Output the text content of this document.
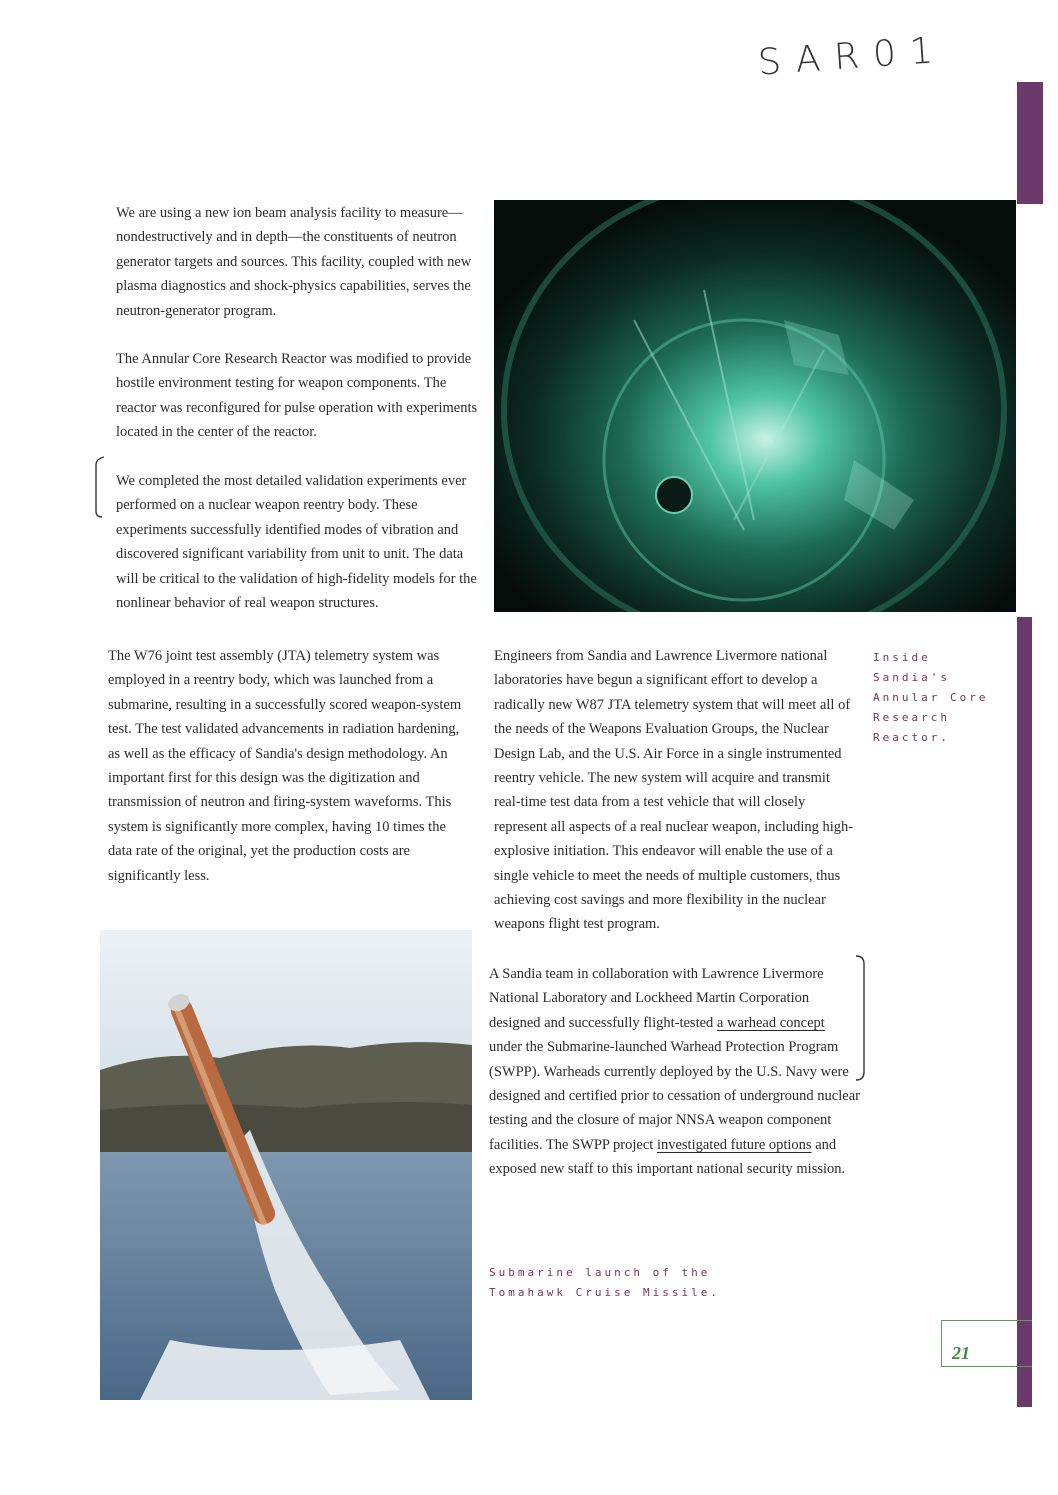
SAR01

We are using a new ion beam analysis facility to measure—nondestructively and in depth—the constituents of neutron generator targets and sources. This facility, coupled with new plasma diagnostics and shock-physics capabilities, serves the neutron-generator program.

The Annular Core Research Reactor was modified to provide hostile environment testing for weapon components. The reactor was reconfigured for pulse operation with experiments located in the center of the reactor.

We completed the most detailed validation experiments ever performed on a nuclear weapon reentry body. These experiments successfully identified modes of vibration and discovered significant variability from unit to unit. The data will be critical to the validation of high-fidelity models for the nonlinear behavior of real weapon structures.

The W76 joint test assembly (JTA) telemetry system was employed in a reentry body, which was launched from a submarine, resulting in a successfully scored weapon-system test. The test validated advancements in radiation hardening, as well as the efficacy of Sandia's design methodology. An important first for this design was the digitization and transmission of neutron and firing-system waveforms. This system is significantly more complex, having 10 times the data rate of the original, yet the production costs are significantly less.

Inside Sandia's Annular Core Research Reactor.

Engineers from Sandia and Lawrence Livermore national laboratories have begun a significant effort to develop a radically new W87 JTA telemetry system that will meet all of the needs of the Weapons Evaluation Groups, the Nuclear Design Lab, and the U.S. Air Force in a single instrumented reentry vehicle. The new system will acquire and transmit real-time test data from a test vehicle that will closely represent all aspects of a real nuclear weapon, including high-explosive initiation. This endeavor will enable the use of a single vehicle to meet the needs of multiple customers, thus achieving cost savings and more flexibility in the nuclear weapons flight test program.

A Sandia team in collaboration with Lawrence Livermore National Laboratory and Lockheed Martin Corporation designed and successfully flight-tested a warhead concept under the Submarine-launched Warhead Protection Program (SWPP). Warheads currently deployed by the U.S. Navy were designed and certified prior to cessation of underground nuclear testing and the closure of major NNSA weapon component facilities. The SWPP project investigated future options and exposed new staff to this important national security mission.

Submarine launch of the Tomahawk Cruise Missile.

21
